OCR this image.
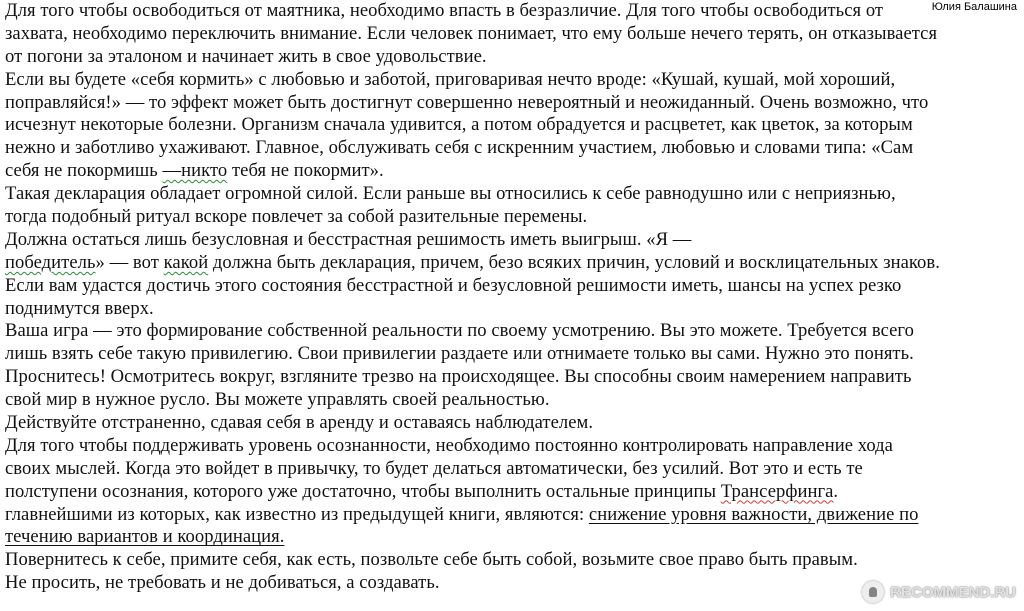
Для того чтобы освободиться от маятника, необходимо впасть в безразличие. Для того чтобы освободиться от
захвата, необходимо переключить внимание. Если человек понимает, что ему больше нечего терять, он отказывается
от погони за эталоном и начинает жить в свое удовольствие.
Если вы будете «себя кормить» с любовью и заботой, приговаривая нечто вроде: «Кушай, кушай, мой хороший,
поправляйся!» — то эффект может быть достигнут совершенно невероятный и неожиданный. Очень возможно, что
исчезнут некоторые болезни. Организм сначала удивится, а потом обрадуется и расцветет, как цветок, за которым
нежно и заботливо ухаживают. Главное, обслуживать себя с искренним участием, любовью и словами типа: «Сам
себя не покормишь —никто тебя не покормит».
Такая декларация обладает огромной силой. Если раньше вы относились к себе равнодушно или с неприязнью,
тогда подобный ритуал вскоре повлечет за собой разительные перемены.
Должна остаться лишь безусловная и бесстрастная решимость иметь выигрыш. «Я —
победитель» — вот какой должна быть декларация, причем, безо всяких причин, условий и восклицательных знаков.
Если вам удастся достичь этого состояния бесстрастной и безусловной решимости иметь, шансы на успех резко
поднимутся вверх.
Ваша игра — это формирование собственной реальности по своему усмотрению. Вы это можете. Требуется всего
лишь взять себе такую привилегию. Свои привилегии раздаете или отнимаете только вы сами. Нужно это понять.
Проснитесь! Осмотритесь вокруг, взгляните трезво на происходящее. Вы способны своим намерением направить
свой мир в нужное русло. Вы можете управлять своей реальностью.
Действуйте отстраненно, сдавая себя в аренду и оставаясь наблюдателем.
Для того чтобы поддерживать уровень осознанности, необходимо постоянно контролировать направление хода
своих мыслей. Когда это войдет в привычку, то будет делаться автоматически, без усилий. Вот это и есть те
полступени осознания, которого уже достаточно, чтобы выполнить остальные принципы Трансерфинга.
главнейшими из которых, как известно из предыдущей книги, являются: снижение уровня важности, движение по
течению вариантов и координация.
Повернитесь к себе, примите себя, как есть, позвольте себе быть собой, возьмите свое право быть правым.
Не просить, не требовать и не добиваться, а создавать.
Юлия Балашина
RECOMMEND.RU
